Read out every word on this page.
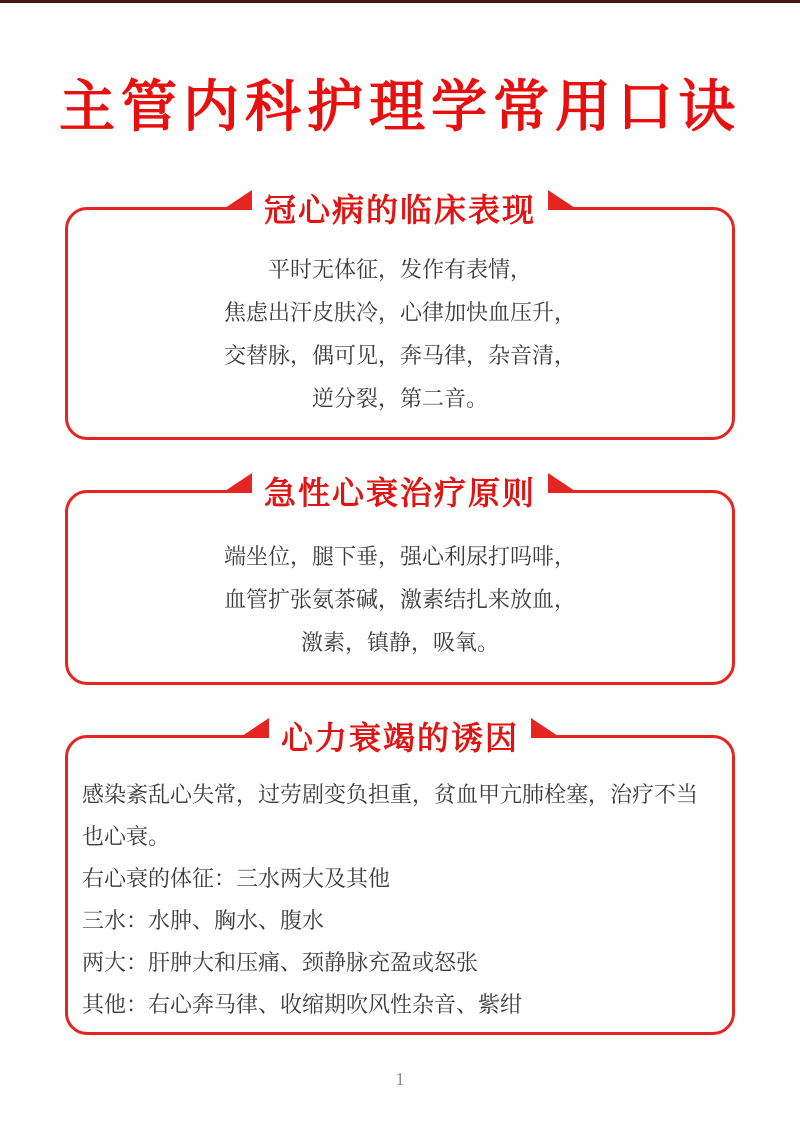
主管内科护理学常用口诀
冠心病的临床表现

平时无体征，发作有表情，

焦虑出汗皮肤冷，心律加快血压升，

交替脉，偶可见，奔马律，杂音清，

逆分裂，第二音。

急性心衰治疗原则

端坐位，腿下垂，强心利尿打吗啡，

血管扩张氨茶碱，激素结扎来放血，

激素，镇静，吸氧。

心力衰竭的诱因

感染紊乱心失常，过劳剧变负担重，贫血甲亢肺栓塞，治疗不当也心衰。

右心衰的体征：三水两大及其他

三水：水肿、胸水、腹水

两大：肝肿大和压痛、颈静脉充盈或怒张

其他：右心奔马律、收缩期吹风性杂音、紫绀

1
